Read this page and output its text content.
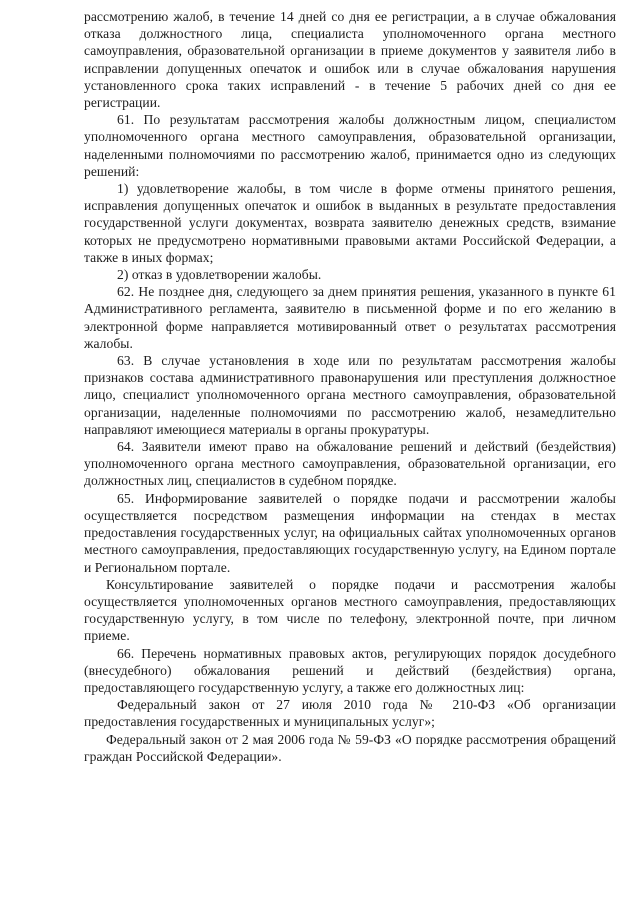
рассмотрению жалоб, в течение 14 дней со дня ее регистрации, а в случае обжалования отказа должностного лица, специалиста уполномоченного органа местного самоуправления, образовательной организации в приеме документов у заявителя либо в исправлении допущенных опечаток и ошибок или в случае обжалования нарушения установленного срока таких исправлений - в течение 5 рабочих дней со дня ее регистрации.

61. По результатам рассмотрения жалобы должностным лицом, специалистом уполномоченного органа местного самоуправления, образовательной организации, наделенными полномочиями по рассмотрению жалоб, принимается одно из следующих решений:

1) удовлетворение жалобы, в том числе в форме отмены принятого решения, исправления допущенных опечаток и ошибок в выданных в результате предоставления государственной услуги документах, возврата заявителю денежных средств, взимание которых не предусмотрено нормативными правовыми актами Российской Федерации, а также в иных формах;

2) отказ в удовлетворении жалобы.

62. Не позднее дня, следующего за днем принятия решения, указанного в пункте 61 Административного регламента, заявителю в письменной форме и по его желанию в электронной форме направляется мотивированный ответ о результатах рассмотрения жалобы.

63. В случае установления в ходе или по результатам рассмотрения жалобы признаков состава административного правонарушения или преступления должностное лицо, специалист уполномоченного органа местного самоуправления, образовательной организации, наделенные полномочиями по рассмотрению жалоб, незамедлительно направляют имеющиеся материалы в органы прокуратуры.

64. Заявители имеют право на обжалование решений и действий (бездействия) уполномоченного органа местного самоуправления, образовательной организации, его должностных лиц, специалистов в судебном порядке.

65. Информирование заявителей о порядке подачи и рассмотрении жалобы осуществляется посредством размещения информации на стендах в местах предоставления государственных услуг, на официальных сайтах уполномоченных органов местного самоуправления, предоставляющих государственную услугу, на Едином портале и Региональном портале.

Консультирование заявителей о порядке подачи и рассмотрения жалобы осуществляется уполномоченных органов местного самоуправления, предоставляющих государственную услугу, в том числе по телефону, электронной почте, при личном приеме.

66. Перечень нормативных правовых актов, регулирующих порядок досудебного (внесудебного) обжалования решений и действий (бездействия) органа, предоставляющего государственную услугу, а также его должностных лиц:

Федеральный закон от 27 июля 2010 года № 210-ФЗ «Об организации предоставления государственных и муниципальных услуг»;

Федеральный закон от 2 мая 2006 года № 59-ФЗ «О порядке рассмотрения обращений граждан Российской Федерации».
